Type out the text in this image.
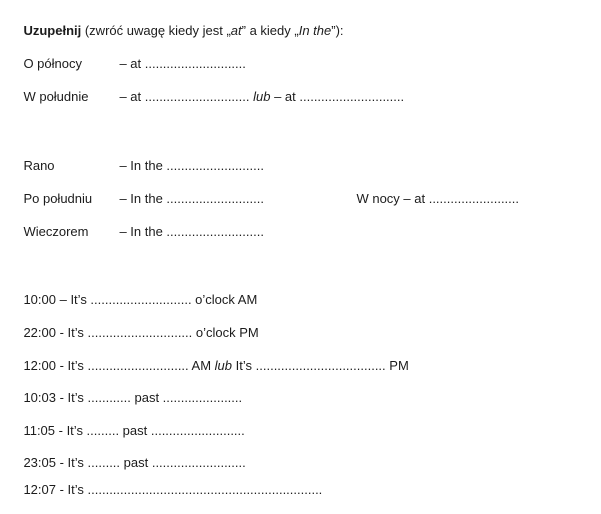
Uzupełnij (zwróć uwagę kiedy jest „at” a kiedy „In the”):

O północy	– at ............................

W południe – at ............................. lub – at .............................

Rano	– In the ...........................

Po południu – In the ...........................
	W nocy – at .........................

Wieczorem – In the ...........................

10:00 – It’s ............................ o’clock AM

22:00 - It’s ............................. o’clock PM

12:00 - It’s ............................ AM lub It’s .................................... PM

10:03 - It’s ............ past ......................

11:05 - It’s ......... past ..........................

23:05 - It’s ......... past ..........................

12:07 - It’s .................................................................
